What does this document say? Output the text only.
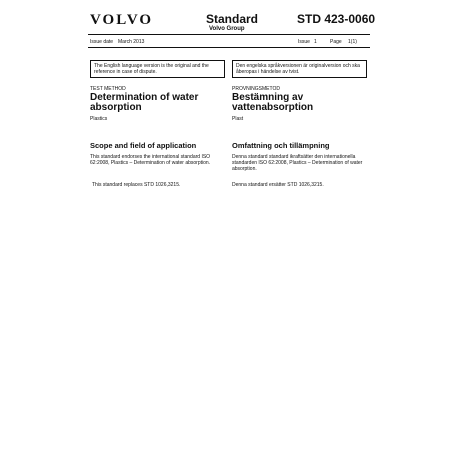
VOLVO	Standard
Volvo Group
STD 423-0060
Issue date March 2013	Issue 1	Page 1(1)
The English language version is the original and the reference in case of dispute.
Den engelska språkversionen är originalversion och ska åberopas i händelse av tvist.
TEST METHOD
Determination of water absorption
Plastics
PROVNINGSMETOD
Bestämning av vattenabsorption
Plast
Scope and field of application
This standard endorses the international standard ISO 62:2008, Plastics – Determination of water absorption.
This standard replaces STD 1026,3215.
Omfattning och tillämpning
Denna standard standard ikraftsätter den internationella standarden ISO 62:2008, Plastics – Determination of water absorption.
Denna standard ersätter STD 1026,3215.
